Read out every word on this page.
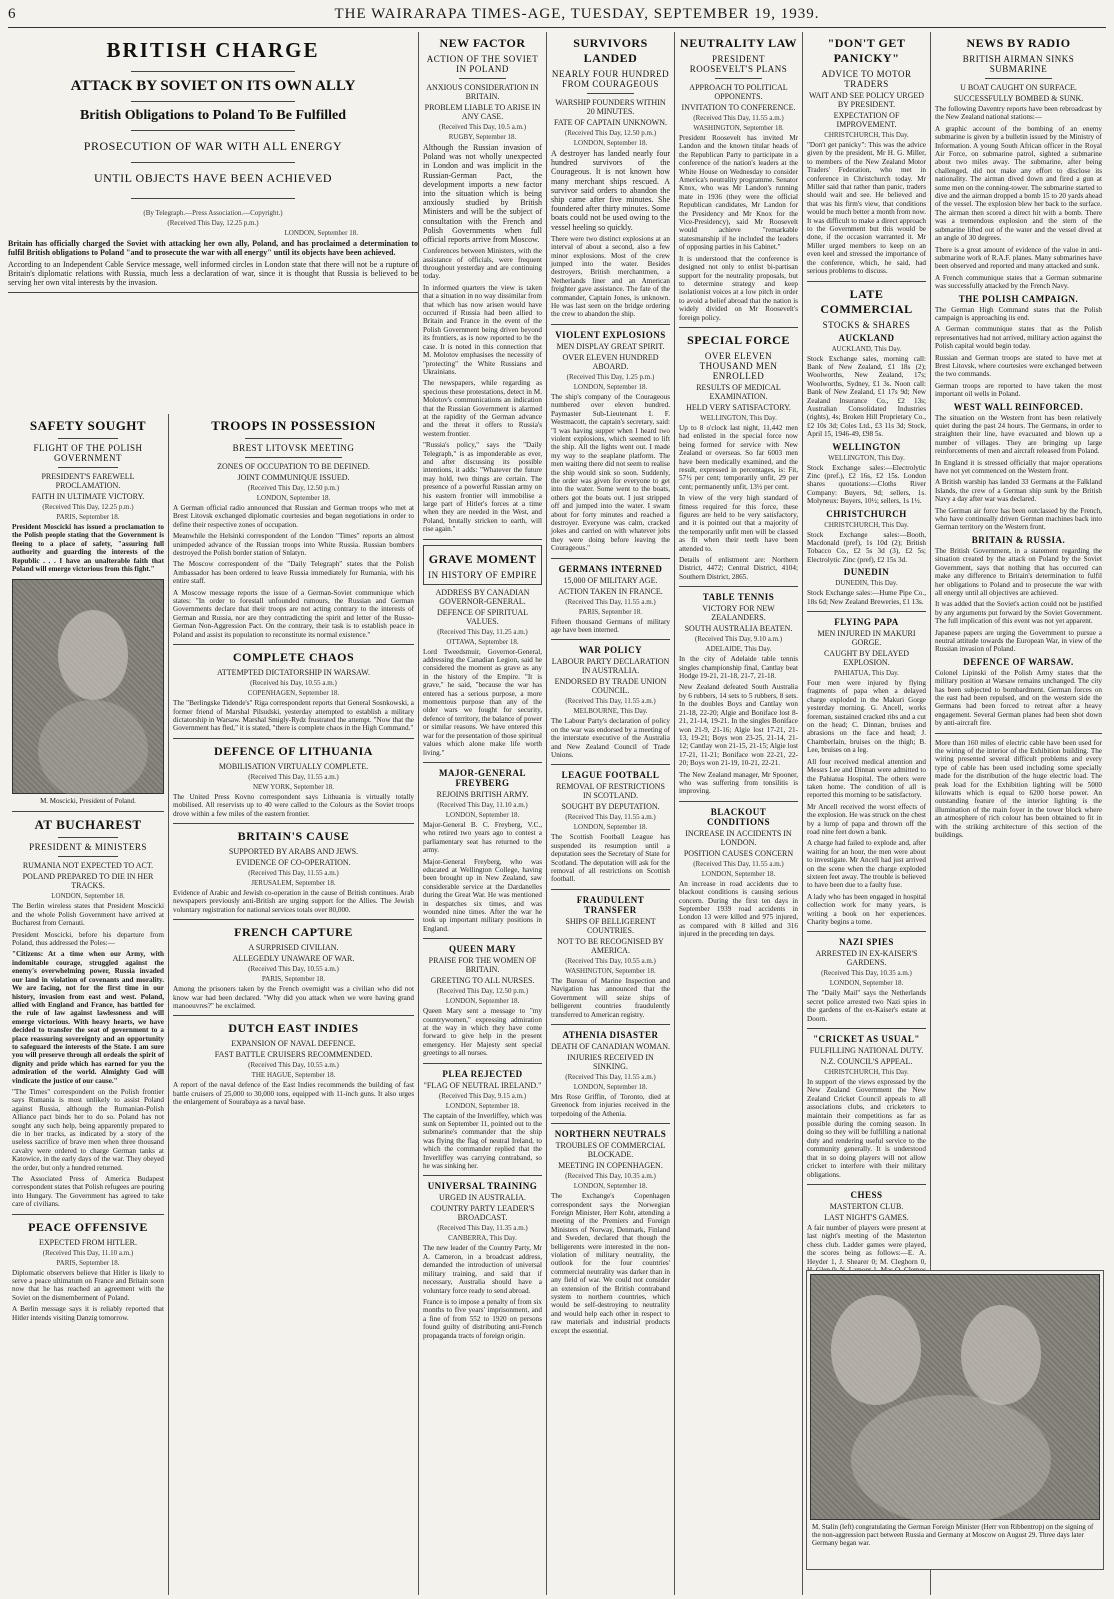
6	THE WAIRARAPA TIMES-AGE, TUESDAY, SEPTEMBER 19, 1939.
BRITISH CHARGE
ATTACK BY SOVIET ON ITS OWN ALLY
British Obligations to Poland To Be Fulfilled
PROSECUTION OF WAR WITH ALL ENERGY
UNTIL OBJECTS HAVE BEEN ACHIEVED
(By Telegraph.—Press Association.—Copyright.)
(Received This Day, 12.25 p.m.)
LONDON, September 18.

Britain has officially charged the Soviet with attacking her own ally, Poland, and has proclaimed a determination to fulfil British obligations to Poland "and to prosecute the war with all energy" until its objects have been achieved.

According to an Independent Cable Service message, well informed circles in London state that there will not be a rupture of Britain's diplomatic relations with Russia, much less a declaration of war, since it is thought that Russia is believed to be serving her own vital interests by the invasion.

SAFETY SOUGHT
FLIGHT OF THE POLISH GOVERNMENT
PRESIDENT'S FAREWELL PROCLAMATION.
FAITH IN ULTIMATE VICTORY.
(Received This Day, 12.25 p.m.)
PARIS, September 18.

President Moscicki has issued a proclamation to the Polish people stating that the Government is fleeing to a place of safety, "assuring full authority and guarding the interests of the Republic . . . I have an unalterable faith that Poland will emerge victorious from this fight."

M. Moscicki, President of Poland.
AT BUCHAREST
PRESIDENT & MINISTERS
RUMANIA NOT EXPECTED TO ACT.
POLAND PREPARED TO DIE IN HER TRACKS.
LONDON, September 18.

The Berlin wireless states that President Moscicki and the whole Polish Government have arrived at Bucharest from Cernauti.

President Moscicki, before his departure from Poland, thus addressed the Poles:—

"Citizens: At a time when our Army, with indomitable courage, struggled against the enemy's overwhelming power, Russia invaded our land in violation of covenants and morality. We are facing, not for the first time in our history, invasion from east and west. Poland, allied with England and France, has battled for the rule of law against lawlessness and will emerge victorious. With heavy hearts, we have decided to transfer the seat of government to a place reassuring sovereignty and an opportunity to safeguard the interests of the State. I am sure you will preserve through all ordeals the spirit of dignity and pride which has earned for you the admiration of the world. Almighty God will vindicate the justice of our cause."

"The Times" correspondent on the Polish frontier says Rumania is most unlikely to assist Poland against Russia, although the Rumanian-Polish Alliance pact binds her to do so. Poland has not sought any such help, being apparently prepared to die in her tracks, as indicated by a story of the useless sacrifice of brave men when three thousand cavalry were ordered to charge German tanks at Katowice, in the early days of the war. They obeyed the order, but only a hundred returned.

The Associated Press of America Budapest correspondent states that Polish refugees are pouring into Hungary. The Government has agreed to take care of civilians.

PEACE OFFENSIVE
EXPECTED FROM HITLER.
(Received This Day, 11.10 a.m.)
PARIS, September 18.

Diplomatic observers believe that Hitler is likely to serve a peace ultimatum on France and Britain soon now that he has reached an agreement with the Soviet on the dismemberment of Poland.

A Berlin message says it is reliably reported that Hitler intends visiting Danzig tomorrow.

TROOPS IN POSSESSION
BREST LITOVSK MEETING
ZONES OF OCCUPATION TO BE DEFINED.
JOINT COMMUNIQUE ISSUED.
(Received This Day, 12.50 p.m.)
LONDON, September 18.

A German official radio announced that Russian and German troops who met at Brest Litovsk exchanged diplomatic courtesies and began negotiations in order to define their respective zones of occupation.

Meanwhile the Helsinki correspondent of the London "Times" reports an almost unimpeded advance of the Russian troops into White Russia. Russian bombers destroyed the Polish border station of Snlatyn.

The Moscow correspondent of the "Daily Telegraph" states that the Polish Ambassador has been ordered to leave Russia immediately for Rumania, with his entire staff.

A Moscow message reports the issue of a German-Soviet communique which states: "In order to forestall unfounded rumours, the Russian and German Governments declare that their troops are not acting contrary to the interests of German and Russia, nor are they contradicting the spirit and letter of the Russo-German Non-Aggression Pact. On the contrary, their task is to establish peace in Poland and assist its population to reconstitute its normal existence."

COMPLETE CHAOS
ATTEMPTED DICTATORSHIP IN WARSAW.
(Received his Day, 10.55 a.m.)
COPENHAGEN, September 18.

The "Berlingske Tidende's" Riga correspondent reports that General Sosnkowski, a former friend of Marshal Pilsudski, yesterday attempted to establish a military dictatorship in Warsaw. Marshal Smigly-Rydz frustrated the attempt. "Now that the Government has fled," it is stated, "there is complete chaos in the High Command."

DEFENCE OF LITHUANIA
MOBILISATION VIRTUALLY COMPLETE.
(Received This Day, 11.55 a.m.)
NEW YORK, September 18.

The United Press Kovno correspondent says Lithuania is virtually totally mobilised. All reservists up to 40 were called to the Colours as the Soviet troops drove within a few miles of the eastern frontier.

BRITAIN'S CAUSE
SUPPORTED BY ARABS AND JEWS.
EVIDENCE OF CO-OPERATION.
(Received This Day, 11.55 a.m.)
JERUSALEM, September 18.

Evidence of Arabic and Jewish co-operation in the cause of British continues. Arab newspapers previously anti-British are urging support for the Allies. The Jewish voluntary registration for national services totals over 80,000.

FRENCH CAPTURE
A SURPRISED CIVILIAN.
ALLEGEDLY UNAWARE OF WAR.
(Received This Day, 10.55 a.m.)
PARIS, September 18.

Among the prisoners taken by the French overnight was a civilian who did not know war had been declared. "Why did you attack when we were having grand manoeuvres?" he exclaimed.

DUTCH EAST INDIES
EXPANSION OF NAVAL DEFENCE.
FAST BATTLE CRUISERS RECOMMENDED.
(Received This Day, 10.55 a.m.)
THE HAGUE, September 18.

A report of the naval defence of the East Indies recommends the building of fast battle cruisers of 25,000 to 30,000 tons, equipped with 11-inch guns. It also urges the enlargement of Sourabaya as a naval base.

NEW FACTOR
ACTION OF THE SOVIET IN POLAND
ANXIOUS CONSIDERATION IN BRITAIN.
PROBLEM LIABLE TO ARISE IN ANY CASE.
(Received This Day, 10.5 a.m.)
RUGBY, September 18.

Although the Russian invasion of Poland was not wholly unexpected in London and was implicit in the Russian-German Pact, the development imports a new factor into the situation which is being anxiously studied by British Ministers and will be the subject of consultation with the French and Polish Governments when full official reports arrive from Moscow.

Conferences between Ministers, with the assistance of officials, were frequent throughout yesterday and are continuing today.

In informed quarters the view is taken that a situation in no way dissimilar from that which has now arisen would have occurred if Russia had been allied to Britain and France in the event of the Polish Government being driven beyond its frontiers, as is now reported to be the case. It is noted in this connection that M. Molotov emphasises the necessity of "protecting" the White Russians and Ukrainians.

The newspapers, while regarding as specious these protestations, detect in M. Molotov's communications an indication that the Russian Government is alarmed at the rapidity of the German advance and the threat it offers to Russia's western frontier.

"Russia's policy," says the "Daily Telegraph," is as imponderable as ever, and after discussing its possible intentions, it adds: "Whatever the future may hold, two things are certain. The presence of a powerful Russian army on his eastern frontier will immobilise a large part of Hitler's forces at a time when they are needed in the West, and Poland, brutally stricken to earth, will rise again."

GRAVE MOMENT
IN HISTORY OF EMPIRE
ADDRESS BY CANADIAN GOVERNOR-GENERAL.
DEFENCE OF SPIRITUAL VALUES.
(Received This Day, 11.25 a.m.)
OTTAWA, September 18.

Lord Tweedsmuir, Governor-General, addressing the Canadian Legion, said he considered the moment as grave as any in the history of the Empire. "It is grave," he said, "because the war has entered has a serious purpose, a more momentous purpose than any of the older wars we fought for security, defence of territory, the balance of power or similar reasons. We have entered this war for the presentation of those spiritual values which alone make life worth living."

MAJOR-GENERAL FREYBERG
REJOINS BRITISH ARMY.
(Received This Day, 11.10 a.m.)
LONDON, September 18.

Major-General B. C. Freyberg, V.C., who retired two years ago to contest a parliamentary seat has returned to the army.

Major-General Freyberg, who was educated at Wellington College, having been brought up in New Zealand, saw considerable service at the Dardanelles during the Great War. He was mentioned in despatches six times, and was wounded nine times. After the war he took up important military positions in England.

QUEEN MARY
PRAISE FOR THE WOMEN OF BRITAIN.
GREETING TO ALL NURSES.
(Received This Day, 12.50 p.m.)
LONDON, September 18.

Queen Mary sent a message to "my countrywomen," expressing admiration at the way in which they have come forward to give help in the present emergency. Her Majesty sent special greetings to all nurses.

PLEA REJECTED
"FLAG OF NEUTRAL IRELAND."
(Received This Day, 9.15 a.m.)
LONDON, September 18.

The captain of the Inverliffey, which was sunk on September 11, pointed out to the submarine's commander that the ship was flying the flag of neutral Ireland, to which the commander replied that the Inverliffey was carrying contraband, so he was sinking her.

UNIVERSAL TRAINING
URGED IN AUSTRALIA.
COUNTRY PARTY LEADER'S BROADCAST.
(Received This Day, 11.35 a.m.)
CANBERRA, This Day.

The new leader of the Country Party, Mr A. Cameron, in a broadcast address, demanded the introduction of universal military training, and said that if necessary, Australia should have a voluntary force ready to send abroad.

France is to impose a penalty of from six months to five years' imprisonment, and a fine of from 552 to 1920 on persons found guilty of distributing anti-French propaganda tracts of foreign origin.

SURVIVORS LANDED
NEARLY FOUR HUNDRED FROM COURAGEOUS
WARSHIP FOUNDERS WITHIN 20 MINUTES.
FATE OF CAPTAIN UNKNOWN.
(Received This Day, 12.50 p.m.)
LONDON, September 18.

A destroyer has landed nearly four hundred survivors of the Courageous. It is not known how many merchant ships rescued. A survivor said orders to abandon the ship came after five minutes. She foundered after thirty minutes. Some boats could not be used owing to the vessel heeling so quickly.

There were two distinct explosions at an interval of about a second, also a few minor explosions. Most of the crew jumped into the water. Besides destroyers, British merchantmen, a Netherlands liner and an American freighter gave assistance. The fate of the commander, Captain Jones, is unknown. He was last seen on the bridge ordering the crew to abandon the ship.

VIOLENT EXPLOSIONS
MEN DISPLAY GREAT SPIRIT.
OVER ELEVEN HUNDRED ABOARD.
(Received This Day, 1.25 p.m.)
LONDON, September 18.

The ship's company of the Courageous numbered over eleven hundred. Paymaster Sub-Lieutenant I. F. Westmacott, the captain's secretary, said: "I was having supper when I heard two violent explosions, which seemed to lift the ship. All the lights went out. I made my way to the seaplane platform. The men waiting there did not seem to realise the ship would sink so soon. Suddenly, the order was given for everyone to get into the water. Some went to the boats, others got the boats out. I just stripped off and jumped into the water. I swam about for forty minutes and reached a destroyer. Everyone was calm, cracked jokes and carried on with whatever jobs they were doing before leaving the Courageous."

GERMANS INTERNED
15,000 OF MILITARY AGE.
ACTION TAKEN IN FRANCE.
(Received This Day, 11.55 a.m.)
PARIS, September 18.

Fifteen thousand Germans of military age have been interned.

WAR POLICY
LABOUR PARTY DECLARATION IN AUSTRALIA.
ENDORSED BY TRADE UNION COUNCIL.
(Received This Day, 11.55 a.m.)
MELBOURNE, This Day.

The Labour Party's declaration of policy on the war was endorsed by a meeting of the interstate executive of the Australia and New Zealand Council of Trade Unions.

LEAGUE FOOTBALL
REMOVAL OF RESTRICTIONS IN SCOTLAND.
SOUGHT BY DEPUTATION.
(Received This Day, 11.55 a.m.)
LONDON, September 18.

The Scottish Football League has suspended its resumption until a deputation sees the Secretary of State for Scotland. The deputation will ask for the removal of all restrictions on Scottish football.

FRAUDULENT TRANSFER
SHIPS OF BELLIGERENT COUNTRIES.
NOT TO BE RECOGNISED BY AMERICA.
(Received This Day, 10.55 a.m.)
WASHINGTON, September 18.

The Bureau of Marine Inspection and Navigation has announced that the Government will seize ships of belligerent countries fraudulently transferred to American registry.

ATHENIA DISASTER
DEATH OF CANADIAN WOMAN.
INJURIES RECEIVED IN SINKING.
(Received This Day, 11.55 a.m.)
LONDON, September 18.

Mrs Rose Griffin, of Toronto, died at Greenock from injuries received in the torpedoing of the Athenia.

NORTHERN NEUTRALS
TROUBLES OF COMMERCIAL BLOCKADE.
MEETING IN COPENHAGEN.
(Received This Day, 10.35 a.m.)
LONDON, September 18.

The Exchange's Copenhagen correspondent says the Norwegian Foreign Minister, Herr Koht, attending a meeting of the Premiers and Foreign Ministers of Norway, Denmark, Finland and Sweden, declared that though the belligerents were interested in the non-violation of military neutrality, the outlook for the four countries' commercial neutrality was darker than in any field of war. We could not consider an extension of the British contraband system to northern countries, which would be self-destroying to neutrality and would help each other in respect to raw materials and industrial products except the essential.

NEUTRALITY LAW
PRESIDENT ROOSEVELT'S PLANS
APPROACH TO POLITICAL OPPONENTS.
INVITATION TO CONFERENCE.
(Received This Day, 11.55 a.m.)
WASHINGTON, September 18.

President Roosevelt has invited Mr Landon and the known titular heads of the Republican Party to participate in a conference of the nation's leaders at the White House on Wednesday to consider America's neutrality programme. Senator Knox, who was Mr Landon's running mate in 1936 (they were the official Republican candidates, Mr Landon for the Presidency and Mr Knox for the Vice-Presidency), said Mr Roosevelt would achieve "remarkable statesmanship if he included the leaders of opposing parties in his Cabinet."

It is understood that the conference is designed not only to enlist bi-partisan support for the neutrality proposals, but to determine strategy and keep isolationist voices at a low pitch in order to avoid a belief abroad that the nation is widely divided on Mr Roosevelt's foreign policy.

SPECIAL FORCE
OVER ELEVEN THOUSAND MEN ENROLLED
RESULTS OF MEDICAL EXAMINATION.
HELD VERY SATISFACTORY.
WELLINGTON, This Day.

Up to 8 o'clock last night, 11,442 men had enlisted in the special force now being formed for service with New Zealand or overseas. So far 6003 men have been medically examined, and the result, expressed in percentages, is: Fit, 57½ per cent; temporarily unfit, 29 per cent; permanently unfit, 13½ per cent.

In view of the very high standard of fitness required for this force, these figures are held to be very satisfactory, and it is pointed out that a majority of the temporarily unfit men will be classed as fit when their teeth have been attended to.

Details of enlistment are: Northern District, 4472; Central District, 4104; Southern District, 2865.

TABLE TENNIS
VICTORY FOR NEW ZEALANDERS.
SOUTH AUSTRALIA BEATEN.
(Received This Day, 9.10 a.m.)
ADELAIDE, This Day.

In the city of Adelaide table tennis singles championship final, Cantlay beat Hodge 19-21, 21-18, 21-7, 21-18.

New Zealand defeated South Australia by 6 rubbers, 14 sets to 5 rubbers, 8 sets. In the doubles Boys and Cantlay won 21-18, 22-20; Algie and Boniface lost 8-21, 21-14, 19-21. In the singles Boniface won 21-9, 21-16; Algie lost 17-21, 21-13, 19-21; Boys won 23-25, 21-14, 21-12; Cantlay won 21-15, 21-15; Algie lost 17-21, 11-21; Boniface won 22-21, 22-20; Boys won 21-19, 10-21, 22-21.

The New Zealand manager, Mr Spooner, who was suffering from tonsilitis is improving.

BLACKOUT CONDITIONS
INCREASE IN ACCIDENTS IN LONDON.
POSITION CAUSES CONCERN
(Received This Day, 11.55 a.m.)
LONDON, September 18.

An increase in road accidents due to blackout conditions is causing serious concern. During the first ten days in September 1939 road accidents in London 13 were killed and 975 injured, as compared with 8 killed and 316 injured in the preceding ten days.

"DON'T GET PANICKY"
ADVICE TO MOTOR TRADERS
WAIT AND SEE POLICY URGED BY PRESIDENT.
EXPECTATION OF IMPROVEMENT.
CHRISTCHURCH, This Day.

"Don't get panicky": This was the advice given by the president, Mr H. G. Miller, to members of the New Zealand Motor Traders' Federation, who met in conference in Christchurch today. Mr Miller said that rather than panic, traders should wait and see. He believed and that was his firm's view, that conditions would be much better a month from now. It was difficult to make a direct approach to the Government but this would be done, if the occasion warranted it. Mr Miller urged members to keep on an even keel and stressed the importance of the conference, which, he said, had serious problems to discuss.

LATE COMMERCIAL
STOCKS & SHARES
AUCKLAND
AUCKLAND, This Day.

Stock Exchange sales, morning call: Bank of New Zealand, £1 18s (2); Woolworths, New Zealand, 17s; Woolworths, Sydney, £1 3s. Noon call: Bank of New Zealand, £1 17s 9d; New Zealand Insurance Co., £2 13s; Australian Consolidated Industries (rights), 4s; Broken Hill Proprietary Co., £2 10s 3d; Coles Ltd., £3 11s 3d; Stock, April 15, 1946-49, £98 5s.

WELLINGTON
WELLINGTON, This Day.

Stock Exchange sales:—Electrolytic Zinc (pref.), £2 16s, £2 15s. London shares quotations:—Cloths River Company: Buyers, 9d; sellers, 1s. Molyneux: Buyers, 10½; sellers, 1s 1½.

CHRISTCHURCH
CHRISTCHURCH, This Day.

Stock Exchange sales:—Booth, Macdonald (pref), 1s 10d (2); British Tobacco Co., £2 5s 3d (3), £2 5s; Electrolytic Zinc (pref), £2 15s 3d.

DUNEDIN
DUNEDIN, This Day.

Stock Exchange sales:—Hume Pipe Co., 18s 6d; New Zealand Breweries, £1 13s.

FLYING PAPA
MEN INJURED IN MAKURI GORGE.
CAUGHT BY DELAYED EXPLOSION.
PAHIATUA, This Day.

Four men were injured by flying fragments of papa when a delayed charge exploded in the Makuri Gorge yesterday morning. G. Ancell, works foreman, sustained cracked ribs and a cut on the head; C. Dinnan, bruises and abrasions on the face and head; J. Chamberlain, bruises on the thigh; B. Lee, bruises on a leg.

All four received medical attention and Messrs Lee and Dinnan were admitted to the Pahiatua Hospital. The others were taken home. The condition of all is reported this morning to be satisfactory.

Mr Ancell received the worst effects of the explosion. He was struck on the chest by a lump of papa and thrown off the road nine feet down a bank.

A charge had failed to explode and, after waiting for an hour, the men were about to investigate. Mr Ancell had just arrived on the scene when the charge exploded sixteen feet away. The trouble is believed to have been due to a faulty fuse.

A lady who has been engaged in hospital collection work for many years, is writing a book on her experiences. Charity begins a tome.

NAZI SPIES
ARRESTED IN EX-KAISER'S GARDENS.
(Received This Day, 10.35 a.m.)
LONDON, September 18.

The "Daily Mail" says the Netherlands secret police arrested two Nazi spies in the gardens of the ex-Kaiser's estate at Doorn.

"CRICKET AS USUAL"
FULFILLING NATIONAL DUTY.
N.Z. COUNCIL'S APPEAL.
CHRISTCHURCH, This Day.

In support of the views expressed by the New Zealand Government the New Zealand Cricket Council appeals to all associations clubs, and cricketers to maintain their competitions as far as possible during the coming season. In doing so they will be fulfilling a national duty and rendering useful service to the community generally. It is understood that in so doing players will not allow cricket to interfere with their military obligations.

CHESS
MASTERTON CLUB.
LAST NIGHT'S GAMES.

A fair number of players were present at last night's meeting of the Masterton chess club. Ladder games were played, the scores being as follows:—E. A. Heyder 1, J. Shearer 0; M. Cleghorn 0,

NEWS BY RADIO
BRITISH AIRMAN SINKS SUBMARINE
U BOAT CAUGHT ON SURFACE.
SUCCESSFULLY BOMBED & SUNK.

The following Daventry reports have been rebroadcast by the New Zealand national stations:—

A graphic account of the bombing of an enemy submarine is given by a bulletin issued by the Ministry of Information. A young South African officer in the Royal Air Force, on submarine patrol, sighted a submarine about two miles away. The submarine, after being challenged, did not make any effort to disclose its nationality. The airman dived down and fired a gun at some men on the conning-tower. The submarine started to dive and the airman dropped a bomb 15 to 20 yards ahead of the vessel. The explosion blew her back to the surface. The airman then scored a direct hit with a bomb. There was a tremendous explosion and the stern of the submarine lifted out of the water and the vessel dived at an angle of 30 degrees.

There is a great amount of evidence of the value in anti-submarine work of R.A.F. planes. Many submarines have been observed and reported and many attacked and sunk.

A French communique states that a German submarine was successfully attacked by the French Navy.

THE POLISH CAMPAIGN.

The German High Command states that the Polish campaign is approaching its end.

A German communique states that as the Polish representatives had not arrived, military action against the Polish capital would begin today.

Russian and German troops are stated to have met at Brest Litovsk, where courtesies were exchanged between the two commands.

German troops are reported to have taken the most important oil wells in Poland.

WEST WALL REINFORCED.

The situation on the Western front has been relatively quiet during the past 24 hours. The Germans, in order to straighten their line, have evacuated and blown up a number of villages. They are bringing up large reinforcements of men and aircraft released from Poland.

In England it is stressed officially that major operations have not yet commenced on the Western front.

A British warship has landed 33 Germans at the Falkland Islands, the crew of a German ship sunk by the British Navy a day after war was declared.

The German air force has been outclassed by the French, who have continually driven German machines back into German territory on the Western front.

BRITAIN & RUSSIA.

The British Government, in a statement regarding the situation created by the attack on Poland by the Soviet Government, says that nothing that has occurred can make any difference to Britain's determination to fulfil her obligations to Poland and to prosecute the war with all energy until all objectives are achieved.

It was added that the Soviet's action could not be justified by any arguments put forward by the Soviet Government. The full implication of this event was not yet apparent.

Japanese papers are urging the Government to pursue a neutral attitude towards the European War, in view of the Russian invasion of Poland.

DEFENCE OF WARSAW.

Colonel Lipinski of the Polish Army states that the military position at Warsaw remains unchanged. The city has been subjected to bombardment. German forces on the east had been repulsed, and on the western side the Germans had been forced to retreat after a heavy engagement. Several German planes had been shot down by anti-aircraft fire.

More than 160 miles of electric cable have been used for the wiring of the interior of the Exhibition building. The wiring presented several difficult problems and every type of cable has been used including some specially made for the distribution of the huge electric load. The peak load for the Exhibition lighting will be 5000 kilowatts which is equal to 6200 horse power. An outstanding feature of the interior lighting is the illumination of the main foyer in the tower block where an atmosphere of rich colour has been obtained to fit in with the striking architecture of this section of the buildings.

M. Stalin (left) congratulating the German Foreign Minister (Herr von Ribbentrop) on the signing of the non-aggression pact between Russia and Germany at Moscow on August 29. Three days later Germany began war.
